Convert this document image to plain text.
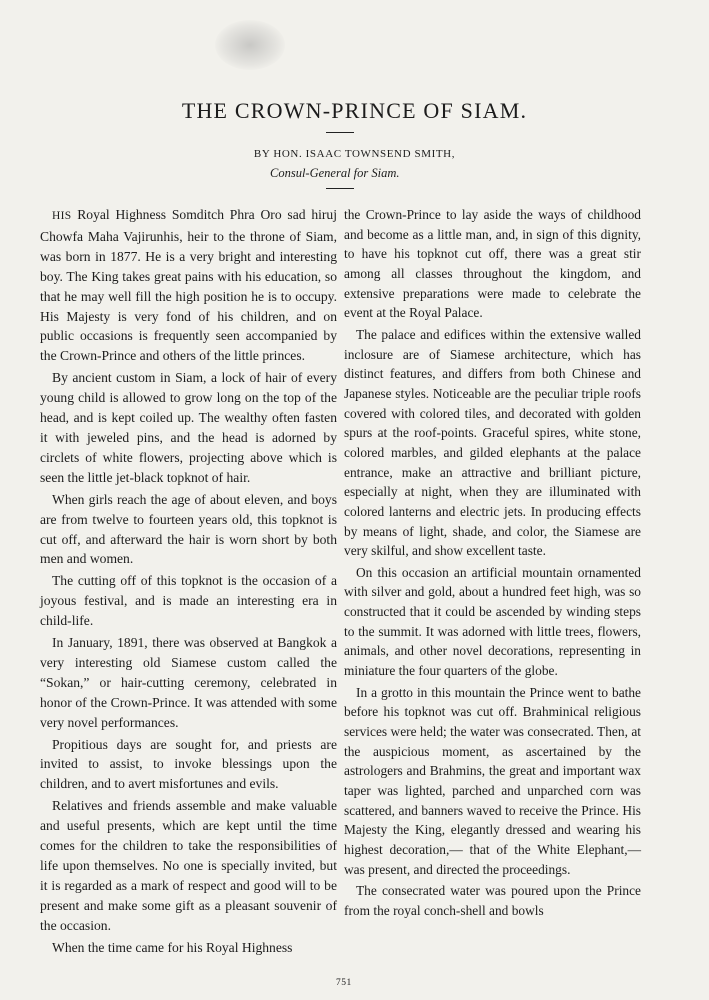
THE CROWN-PRINCE OF SIAM.
BY HON. ISAAC TOWNSEND SMITH,
Consul-General for Siam.

HIS Royal Highness Somditch Phra Oro sad hiruj Chowfa Maha Vajirunhis, heir to the throne of Siam, was born in 1877. He is a very bright and interesting boy. The King takes great pains with his education, so that he may well fill the high position he is to occupy. His Majesty is very fond of his children, and on public occasions is frequently seen accompanied by the Crown-Prince and others of the little princes.

By ancient custom in Siam, a lock of hair of every young child is allowed to grow long on the top of the head, and is kept coiled up. The wealthy often fasten it with jeweled pins, and the head is adorned by circlets of white flowers, projecting above which is seen the little jet-black topknot of hair.

When girls reach the age of about eleven, and boys are from twelve to fourteen years old, this topknot is cut off, and afterward the hair is worn short by both men and women.

The cutting off of this topknot is the occasion of a joyous festival, and is made an interesting era in child-life.

In January, 1891, there was observed at Bangkok a very interesting old Siamese custom called the “Sokan,” or hair-cutting ceremony, celebrated in honor of the Crown-Prince. It was attended with some very novel performances.

Propitious days are sought for, and priests are invited to assist, to invoke blessings upon the children, and to avert misfortunes and evils.

Relatives and friends assemble and make valuable and useful presents, which are kept until the time comes for the children to take the responsibilities of life upon themselves. No one is specially invited, but it is regarded as a mark of respect and good will to be present and make some gift as a pleasant souvenir of the occasion.

When the time came for his Royal Highness

the Crown-Prince to lay aside the ways of childhood and become as a little man, and, in sign of this dignity, to have his topknot cut off, there was a great stir among all classes throughout the kingdom, and extensive preparations were made to celebrate the event at the Royal Palace.

The palace and edifices within the extensive walled inclosure are of Siamese architecture, which has distinct features, and differs from both Chinese and Japanese styles. Noticeable are the peculiar triple roofs covered with colored tiles, and decorated with golden spurs at the roof-points. Graceful spires, white stone, colored marbles, and gilded elephants at the palace entrance, make an attractive and brilliant picture, especially at night, when they are illuminated with colored lanterns and electric jets. In producing effects by means of light, shade, and color, the Siamese are very skilful, and show excellent taste.

On this occasion an artificial mountain ornamented with silver and gold, about a hundred feet high, was so constructed that it could be ascended by winding steps to the summit. It was adorned with little trees, flowers, animals, and other novel decorations, representing in miniature the four quarters of the globe.

In a grotto in this mountain the Prince went to bathe before his topknot was cut off. Brahminical religious services were held; the water was consecrated. Then, at the auspicious moment, as ascertained by the astrologers and Brahmins, the great and important wax taper was lighted, parched and unparched corn was scattered, and banners waved to receive the Prince. His Majesty the King, elegantly dressed and wearing his highest decoration,— that of the White Elephant,— was present, and directed the proceedings.

The consecrated water was poured upon the Prince from the royal conch-shell and bowls

751
